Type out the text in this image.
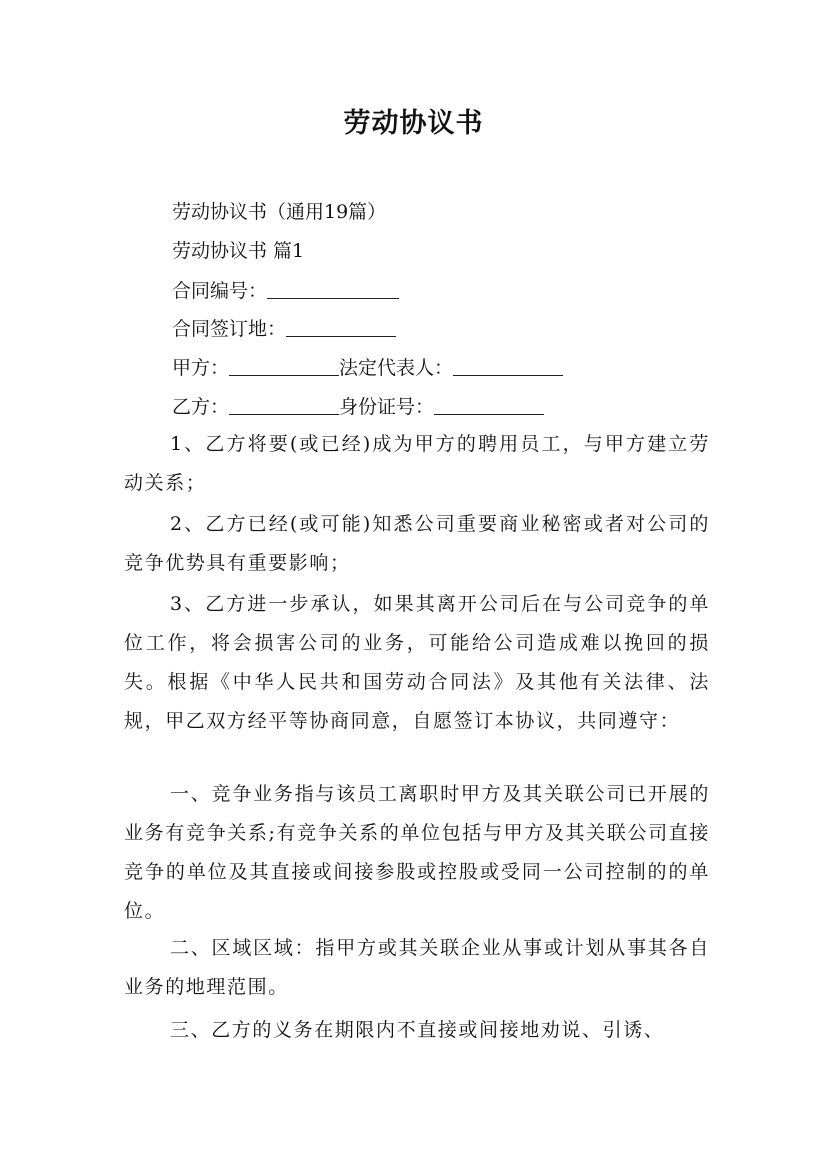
劳动协议书
劳动协议书（通用19篇）
劳动协议书 篇1
合同编号：
合同签订地：
甲方：	法定代表人：
乙方：	身份证号：
1、乙方将要(或已经)成为甲方的聘用员工，与甲方建立劳动关系；
2、乙方已经(或可能)知悉公司重要商业秘密或者对公司的竞争优势具有重要影响；
3、乙方进一步承认，如果其离开公司后在与公司竞争的单位工作，将会损害公司的业务，可能给公司造成难以挽回的损失。根据《中华人民共和国劳动合同法》及其他有关法律、法规，甲乙双方经平等协商同意，自愿签订本协议，共同遵守：
一、竞争业务指与该员工离职时甲方及其关联公司已开展的业务有竞争关系;有竞争关系的单位包括与甲方及其关联公司直接竞争的单位及其直接或间接参股或控股或受同一公司控制的的单位。
二、区域区域：指甲方或其关联企业从事或计划从事其各自业务的地理范围。
三、乙方的义务在期限内不直接或间接地劝说、引诱、
